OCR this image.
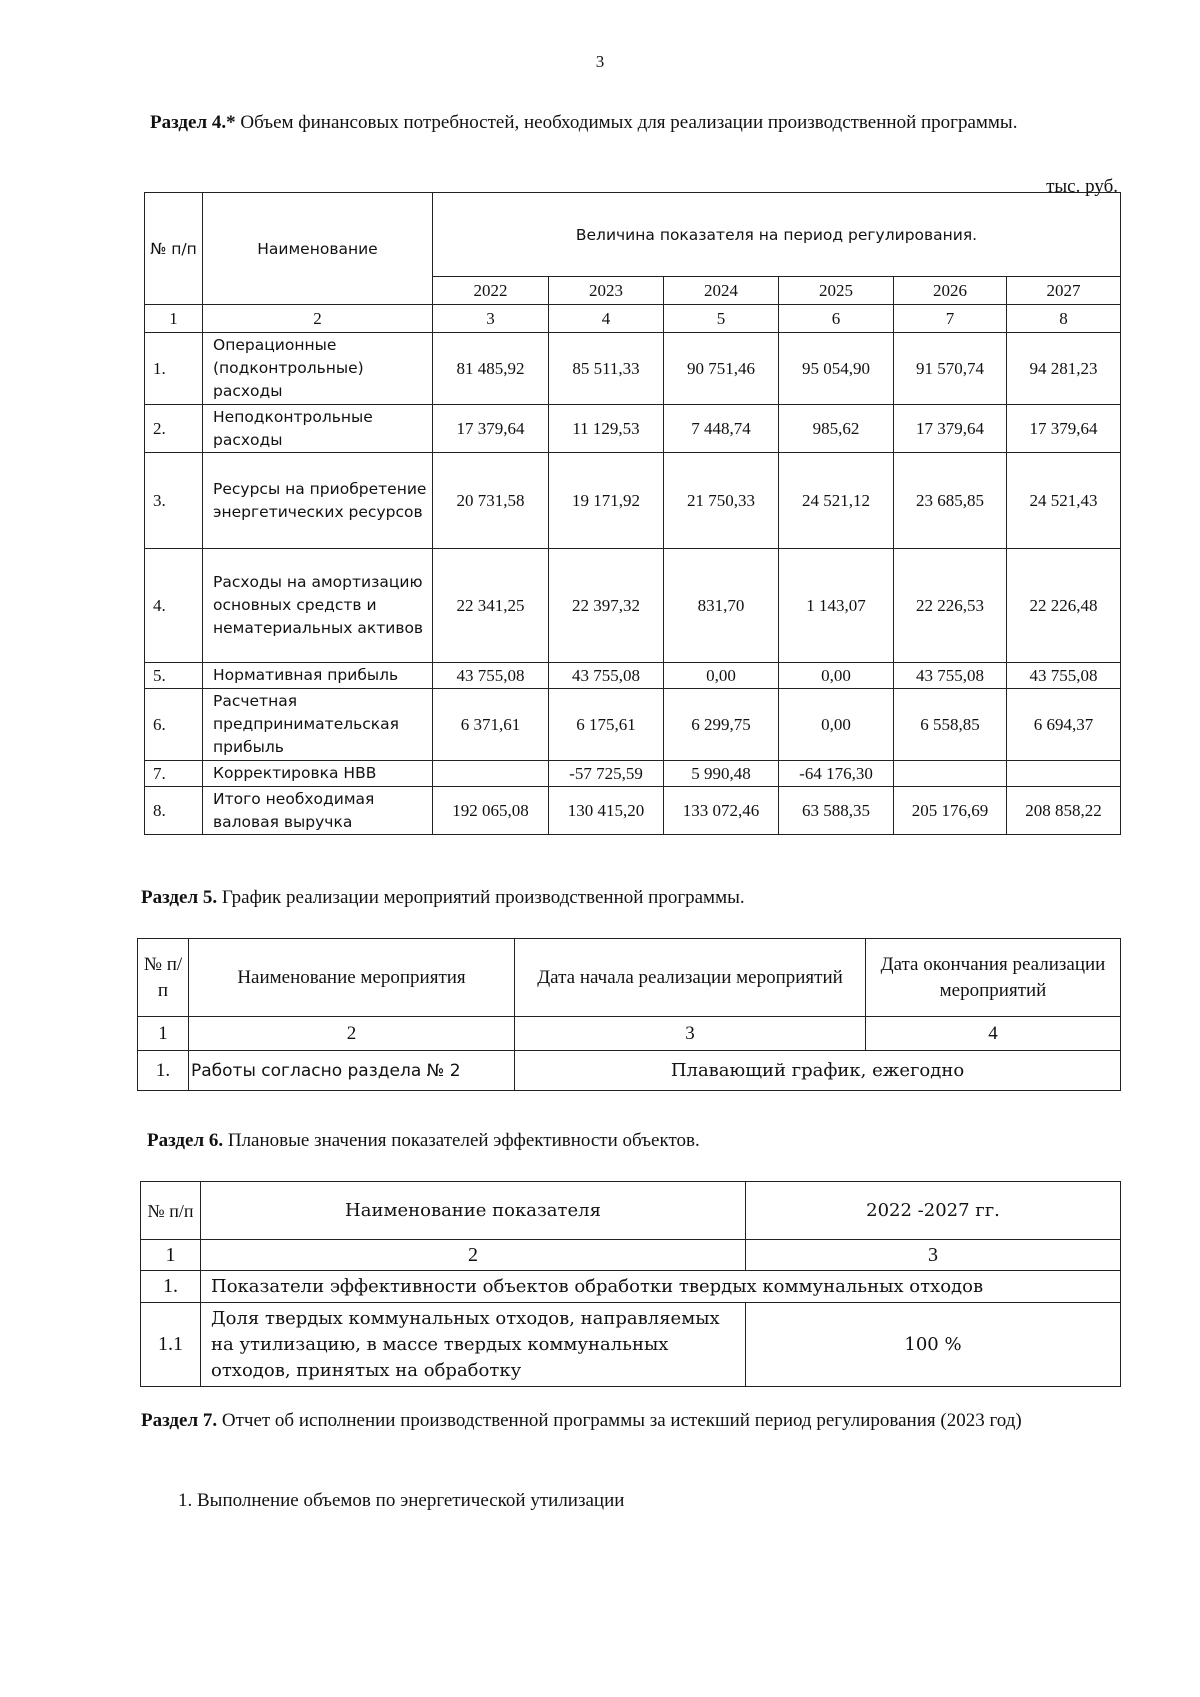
3
Раздел 4.* Объем финансовых потребностей, необходимых для реализации производственной программы.
тыс. руб.
№ п/п	Наименование	Величина показателя на период регулирования.					
		2022	2023	2024	2025	2026	2027
1	2	3	4	5	6	7	8
1.	Операционные (подконтрольные) расходы	81 485,92	85 511,33	90 751,46	95 054,90	91 570,74	94 281,23
2.	Неподконтрольные расходы	17 379,64	11 129,53	7 448,74	985,62	17 379,64	17 379,64
3.	Ресурсы на приобретение энергетических ресурсов	20 731,58	19 171,92	21 750,33	24 521,12	23 685,85	24 521,43
4.	Расходы на амортизацию основных средств и нематериальных активов	22 341,25	22 397,32	831,70	1 143,07	22 226,53	22 226,48
5.	Нормативная прибыль	43 755,08	43 755,08	0,00	0,00	43 755,08	43 755,08
6.	Расчетная предпринимательская прибыль	6 371,61	6 175,61	6 299,75	0,00	6 558,85	6 694,37
7.	Корректировка НВВ		-57 725,59	5 990,48	-64 176,30		
8.	Итого необходимая валовая выручка	192 065,08	130 415,20	133 072,46	63 588,35	205 176,69	208 858,22
Раздел 5. График реализации мероприятий производственной программы.
№ п/п	Наименование мероприятия	Дата начала реализации мероприятий	Дата окончания реализации мероприятий
1	2	3	4
1.	Работы согласно раздела № 2	Плавающий график, ежегодно	
Раздел 6. Плановые значения показателей эффективности объектов.
№ п/п	Наименование показателя	2022 -2027 гг.
1	2	3
1.	Показатели эффективности объектов обработки твердых коммунальных отходов	
1.1	Доля твердых коммунальных отходов, направляемых на утилизацию, в массе твердых коммунальных отходов, принятых на обработку	100 %
Раздел 7. Отчет об исполнении производственной программы за истекший период регулирования (2023 год)
1. Выполнение объемов по энергетической утилизации
